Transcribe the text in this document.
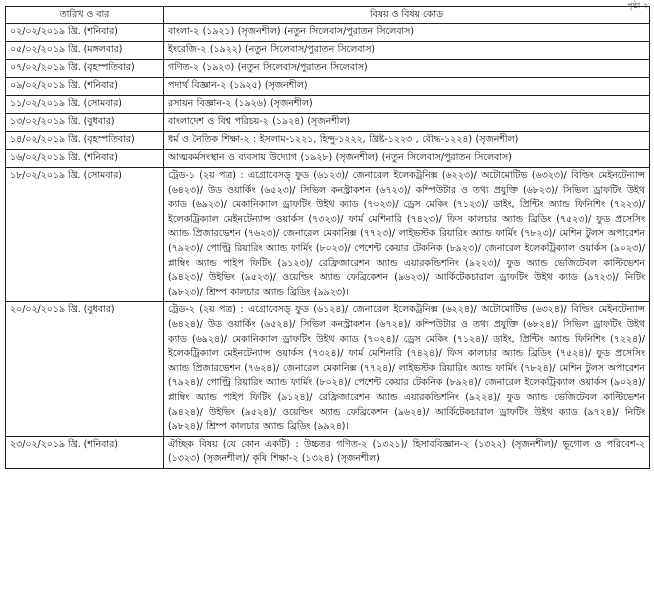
পৃষ্ঠা ২
তারিখ ও বার	বিষয় ও বিষয় কোড
০২/০২/২০১৯ খ্রি. (শনিবার)	বাংলা-২ (১৯২১) (সৃজনশীল) (নতুন সিলেবাস/পুরাতন সিলেবাস)
০৫/০২/২০১৯ খ্রি. (মঙ্গলবার)	ইংরেজি-২ (১৯২২) (নতুন সিলেবাস/পুরাতন সিলেবাস)
০৭/০২/২০১৯ খ্রি. (বৃহস্পতিবার)	গণিত-২ (১৯২৩) (নতুন সিলেবাস/পুরাতন সিলেবাস)
০৯/০২/২০১৯ খ্রি. (শনিবার)	পদার্থ বিজ্ঞান-২ (১৯২৫) (সৃজনশীল)
১১/০২/২০১৯ খ্রি. (সোমবার)	রসায়ন বিজ্ঞান-২ (১৯২৬) (সৃজনশীল)
১৩/০২/২০১৯ খ্রি. (বুধবার)	বাংলাদেশ ও বিশ্ব পরিচয়-২ (১৯২৪) (সৃজনশীল)
১৪/০২/২০১৯ খ্রি. (বৃহস্পতিবার)	ধর্ম ও নৈতিক শিক্ষা-২ : ইসলাম-১২২১, হিন্দু-১২২২, খ্রিষ্ট-১২২৩ , বৌদ্ধ-১২২৪) (সৃজনশীল)
১৬/০২/২০১৯ খ্রি. (শনিবার)	আত্মকর্মসংস্থান ও ব্যবসায় উদ্যোগ (১৯২৮) (সৃজনশীল) (নতুন সিলেবাস/পুরাতন সিলেবাস)
১৮/০২/২০১৯ খ্রি. (সোমবার)	ট্রেড-১ (২য় পত্র) : এগ্রোবেসড্ ফুড (৬১২৩)/ জেনারেল ইলেকট্রনিক্স (৬২২৩)/ অটোমোটিভ (৬৩২৩)/ বিল্ডিং মেইনটেন্যান্স (৬৪২৩)/ উড ওয়ার্কিং (৬৫২৩)/ সিভিল কনস্ট্রাকশন (৬৭২৩)/ কম্পিউটার ও তথ্য প্রযুক্তি (৬৮২৩)/ সিভিল ড্রাফটিং উইথ ক্যাড (৬৯২৩)/ মেকানিক্যাল ড্রাফটিং উইথ ক্যাড (৭০২৩)/ ড্রেস মেকিং (৭১২৩)/ ডাইং, প্রিন্টিং অ্যান্ড ফিনিশিং (৭২২৩)/ ইলেকট্রিক্যাল মেইনটেন্যান্স ওয়ার্কস (৭৩২৩)/ ফার্ম মেশিনারি (৭৪২৩)/ ফিস কালচার অ্যান্ড ব্রিডিং (৭৫২৩)/ ফুড প্রসেসিং অ্যান্ড প্রিজারভেশন (৭৬২৩)/ জেনারেল মেকানিক্স (৭৭২৩)/ লাইভস্টক রিয়ারিং অ্যান্ড ফার্মিং (৭৮২৩)/ মেশিন টুলস অপারেশন (৭৯২৩)/ পোল্ট্রি রিয়ারিং অ্যান্ড ফার্মিং (৮০২৩)/ পেশেন্ট কেয়ার টেকনিক (৮৯২৩)/ জেনারেল ইলেকট্রিক্যাল ওয়ার্কস (৯০২৩)/ প্লাম্বিং অ্যান্ড পাইপ ফিটিং (৯১২৩)/ রেফ্রিজারেশন অ্যান্ড এয়ারকন্ডিশনিং (৯২২৩)/ ফুড অ্যান্ড ভেজিটেবল কাল্টিভেশন (৯৪২৩)/ উইভিং (৯৫২৩)/ ওয়েল্ডিং অ্যান্ড ফেব্রিকেশন (৯৬২৩)/ আর্কিটেকচারাল ড্রাফটিং উইথ ক্যাড (৯৭২৩)/ নিটিং (৯৮২৩)/ শ্রিম্প কালচার অ্যান্ড ব্রিডিং (৯৯২৩)।
২০/০২/২০১৯ খ্রি. (বুধবার)	ট্রেড-২ (২য় পত্র) : এগ্রোবেসড্ ফুড (৬১২৪)/ জেনারেল ইলেকট্রনিক্স (৬২২৪)/ অটোমোটিভ (৬৩২৪)/ বিল্ডিং মেইনটেন্যান্স (৬৪২৪)/ উড ওয়ার্কিং (৬৫২৪)/ সিভিল কনস্ট্রাকশন (৬৭২৪)/ কম্পিউটার ও তথ্য প্রযুক্তি (৬৮২৪)/ সিভিল ড্রাফটিং উইথ ক্যাড (৬৯২৪)/ মেকানিক্যাল ড্রাফটিং উইথ ক্যাড (৭০২৪)/ ড্রেস মেকিং (৭১২৪)/ ডাইং, প্রিন্টিং অ্যান্ড ফিনিশিং (৭২২৪)/ ইলেকট্রিক্যাল মেইনটেন্যান্স ওয়ার্কস (৭৩২৪)/ ফার্ম মেশিনারি (৭৪২৪)/ ফিস কালচার অ্যান্ড ব্রিডিং (৭৫২৪)/ ফুড প্রসেসিং অ্যান্ড প্রিজারভেশন (৭৬২৪)/ জেনারেল মেকানিক্স (৭৭২৪)/ লাইভস্টক রিয়ারিং অ্যান্ড ফার্মিং (৭৮২৪)/ মেশিন টুলস অপারেশন (৭৯২৪)/ পোল্ট্রি রিয়ারিং অ্যান্ড ফার্মিং (৮০২৪)/ পেশেন্ট কেয়ার টেকনিক (৮৯২৪)/ জেনারেল ইলেকট্রিক্যাল ওয়ার্কস (৯০২৪)/ প্লাম্বিং অ্যান্ড পাইপ ফিটিং (৯১২৪)/ রেফ্রিজারেশন অ্যান্ড এয়ারকন্ডিশনিং (৯২২৪)/ ফুড অ্যান্ড ভেজিটেবল কাল্টিভেশন (৯৪২৪)/ উইভিং (৯৫২৪)/ ওয়েল্ডিং অ্যান্ড ফেব্রিকেশন (৯৬২৪)/ আর্কিটেকচারাল ড্রাফটিং উইথ ক্যাড (৯৭২৪)/ নিটিং (৯৮২৪)/ শ্রিম্প কালচার অ্যান্ড ব্রিডিং (৯৯২৪)।
২৩/০২/২০১৯ খ্রি. (শনিবার)	ঐচ্ছিক বিষয় (যে কোন একটি) : উচ্চতর গণিত-২ (১৩২১)/ হিসাববিজ্ঞান-২ (১৩২২) (সৃজনশীল)/ ভূগোল ও পরিবেশ-২ (১৩২৩) (সৃজনশীল)/ কৃষি শিক্ষা-২ (১৩২৪) (সৃজনশীল)
